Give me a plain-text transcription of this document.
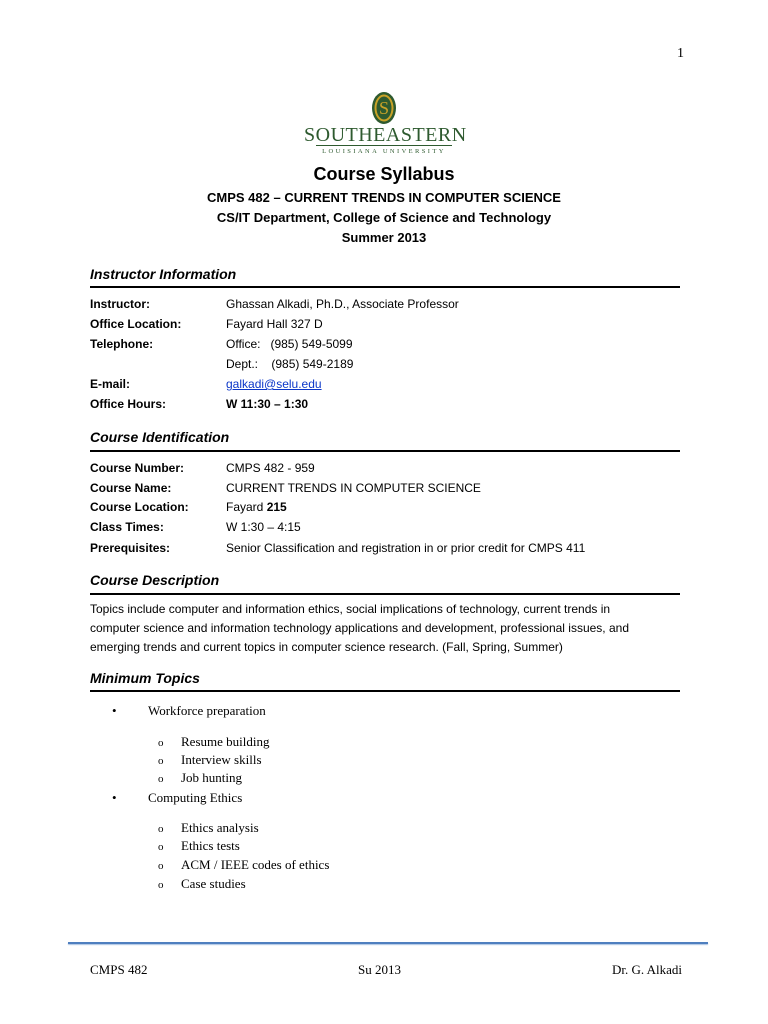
1
S
SOUTHEASTERN
LOUISIANA UNIVERSITY
Course Syllabus
CMPS 482 – CURRENT TRENDS IN COMPUTER SCIENCE
CS/IT Department, College of Science and Technology
Summer 2013
Instructor Information
Instructor:	Ghassan Alkadi, Ph.D., Associate Professor
Office Location:	Fayard Hall 327 D
Telephone:	Office:   (985) 549-5099
Dept.:    (985) 549-2189
E-mail:	galkadi@selu.edu
Office Hours:	W 11:30 – 1:30
Course Identification
Course Number:	CMPS 482 - 959
Course Name:	CURRENT TRENDS IN COMPUTER SCIENCE
Course Location:	Fayard 215
Class Times:	W 1:30 – 4:15
Prerequisites:	Senior Classification and registration in or prior credit for CMPS 411
Course Description
Topics include computer and information ethics, social implications of technology, current trends in
computer science and information technology applications and development, professional issues, and
emerging trends and current topics in computer science research. (Fall, Spring, Summer)
Minimum Topics
• Workforce preparation
o Resume building
o Interview skills
o Job hunting
• Computing Ethics
o Ethics analysis
o Ethics tests
o ACM / IEEE codes of ethics
o Case studies
CMPS 482	Su 2013	Dr. G. Alkadi
